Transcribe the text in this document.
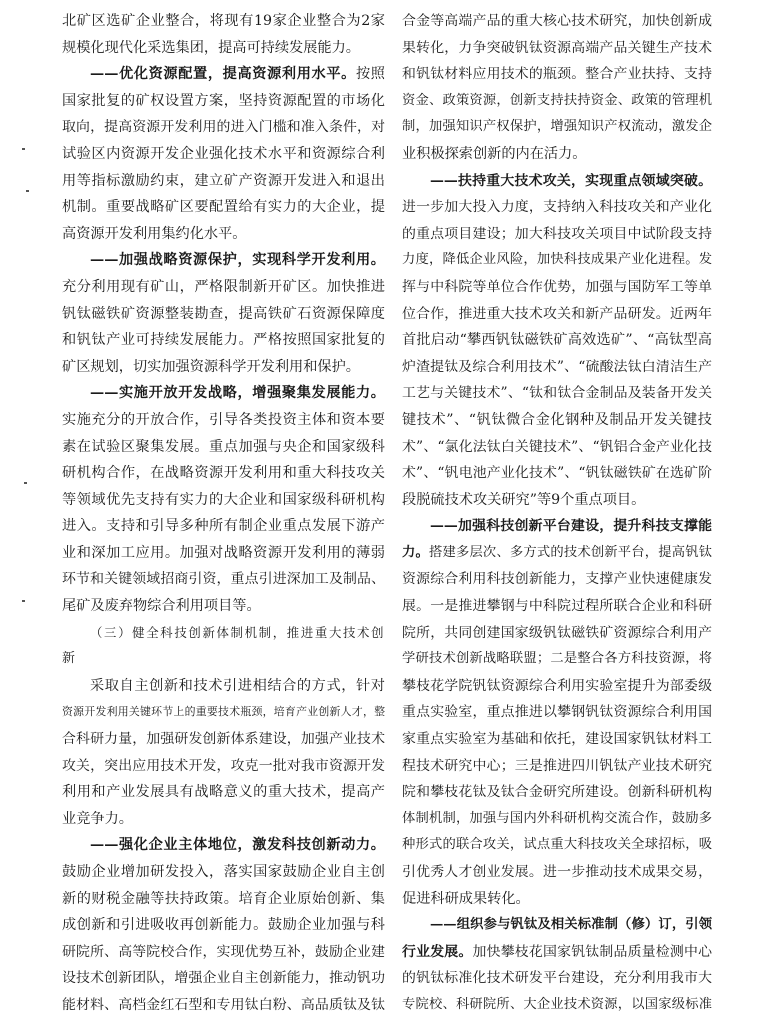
北矿区选矿企业整合，将现有19家企业整合为2家
规模化现代化采选集团，提高可持续发展能力。
——优化资源配置，提高资源利用水平。按照
国家批复的矿权设置方案，坚持资源配置的市场化
取向，提高资源开发利用的进入门槛和准入条件，对
试验区内资源开发企业强化技术水平和资源综合利
用等指标激励约束，建立矿产资源开发进入和退出
机制。重要战略矿区要配置给有实力的大企业，提
高资源开发利用集约化水平。
——加强战略资源保护，实现科学开发利用。
充分利用现有矿山，严格限制新开矿区。加快推进
钒钛磁铁矿资源整装勘查，提高铁矿石资源保障度
和钒钛产业可持续发展能力。严格按照国家批复的
矿区规划，切实加强资源科学开发利用和保护。
——实施开放开发战略，增强聚集发展能力。
实施充分的开放合作，引导各类投资主体和资本要
素在试验区聚集发展。重点加强与央企和国家级科
研机构合作，在战略资源开发利用和重大科技攻关
等领域优先支持有实力的大企业和国家级科研机构
进入。支持和引导多种所有制企业重点发展下游产
业和深加工应用。加强对战略资源开发利用的薄弱
环节和关键领域招商引资，重点引进深加工及制品、
尾矿及废弃物综合利用项目等。
（三）健全科技创新体制机制，推进重大技术创
新
采取自主创新和技术引进相结合的方式，针对
资源开发利用关键环节上的重要技术瓶颈，培育产业创新人才，整
合科研力量，加强研发创新体系建设，加强产业技术
攻关，突出应用技术开发，攻克一批对我市资源开发
利用和产业发展具有战略意义的重大技术，提高产
业竞争力。
——强化企业主体地位，激发科技创新动力。
鼓励企业增加研发投入，落实国家鼓励企业自主创
新的财税金融等扶持政策。培育企业原始创新、集
成创新和引进吸收再创新能力。鼓励企业加强与科
研院所、高等院校合作，实现优势互补，鼓励企业建
设技术创新团队，增强企业自主创新能力，推动钒功
能材料、高档金红石型和专用钛白粉、高品质钛及钛
合金等高端产品的重大核心技术研究，加快创新成
果转化，力争突破钒钛资源高端产品关键生产技术
和钒钛材料应用技术的瓶颈。整合产业扶持、支持
资金、政策资源，创新支持扶持资金、政策的管理机
制，加强知识产权保护，增强知识产权流动，激发企
业积极探索创新的内在活力。
——扶持重大技术攻关，实现重点领域突破。
进一步加大投入力度，支持纳入科技攻关和产业化
的重点项目建设；加大科技攻关项目中试阶段支持
力度，降低企业风险，加快科技成果产业化进程。发
挥与中科院等单位合作优势，加强与国防军工等单
位合作，推进重大技术攻关和新产品研发。近两年
首批启动“攀西钒钛磁铁矿高效选矿”、“高钛型高
炉渣提钛及综合利用技术”、“硫酸法钛白清洁生产
工艺与关键技术”、“钛和钛合金制品及装备开发关
键技术”、“钒钛微合金化钢种及制品开发关键技
术”、“氯化法钛白关键技术”、“钒铝合金产业化技
术”、“钒电池产业化技术”、“钒钛磁铁矿在选矿阶
段脱硫技术攻关研究”等9个重点项目。
——加强科技创新平台建设，提升科技支撑能
力。搭建多层次、多方式的技术创新平台，提高钒钛
资源综合利用科技创新能力，支撑产业快速健康发
展。一是推进攀钢与中科院过程所联合企业和科研
院所，共同创建国家级钒钛磁铁矿资源综合利用产
学研技术创新战略联盟；二是整合各方科技资源，将
攀枝花学院钒钛资源综合利用实验室提升为部委级
重点实验室，重点推进以攀钢钒钛资源综合利用国
家重点实验室为基础和依托，建设国家钒钛材料工
程技术研究中心；三是推进四川钒钛产业技术研究
院和攀枝花钛及钛合金研究所建设。创新科研机构
体制机制，加强与国内外科研机构交流合作，鼓励多
种形式的联合攻关，试点重大科技攻关全球招标，吸
引优秀人才创业发展。进一步推动技术成果交易，
促进科研成果转化。
——组织参与钒钛及相关标准制（修）订，引领
行业发展。加快攀枝花国家钒钛制品质量检测中心
的钒钛标准化技术研发平台建设，充分利用我市大
专院校、科研院所、大企业技术资源，以国家级标准
